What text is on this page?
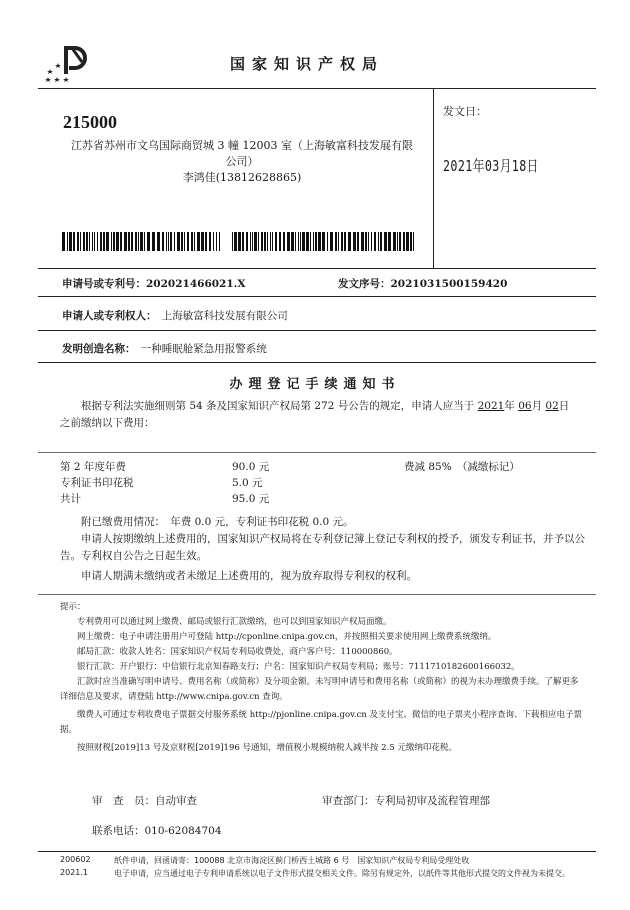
国家知识产权局
215000
江苏省苏州市文乌国际商贸城 3 幢 12003 室（上海敏富科技发展有限公司）
李鸿佳(13812628865)
发文日：
2021年03月18日
申请号或专利号：202021466021.X	发文序号：2021031500159420
申请人或专利权人：　 上海敏富科技发展有限公司
发明创造名称：　 一种睡眠舱紧急用报警系统
办理登记手续通知书
根据专利法实施细则第 54 条及国家知识产权局第 272 号公告的规定，申请人应当于 2021年 06月 02日
之前缴纳以下费用：
第 2 年度年费	90.0 元	费减 85%　（减缴标记）
专利证书印花税	5.0 元
共计	95.0 元
附已缴费用情况：　年费 0.0 元，专利证书印花税 0.0 元。
申请人按期缴纳上述费用的，国家知识产权局将在专利登记簿上登记专利权的授予，颁发专利证书，并予以公告。专利权自公告之日起生效。
申请人期满未缴纳或者未缴足上述费用的，视为放弃取得专利权的权利。
提示：
专利费用可以通过网上缴费、邮局或银行汇款缴纳，也可以到国家知识产权局面缴。
网上缴费：电子申请注册用户可登陆 http://cponline.cnipa.gov.cn，并按照相关要求使用网上缴费系统缴纳。
邮局汇款：收款人姓名：国家知识产权局专利局收费处，商户客户号：110000860。
银行汇款：开户银行：中信银行北京知春路支行；户名：国家知识产权局专利局；账号：7111710182600166032。
汇款时应当准确写明申请号、费用名称（或简称）及分项金额。未写明申请号和费用名称（或简称）的视为未办理缴费手续。了解更多详细信息及要求，请登陆 http://www.cnipa.gov.cn 查询。
缴费人可通过专利收费电子票据交付服务系统 http://pjonline.cnipa.gov.cn 及支付宝、微信的电子票夹小程序查询、下载相应电子票据。
按照财税[2019]13 号及京财税[2019]196 号通知，增值税小规模纳税人减半按 2.5 元缴纳印花税。
审　查　员：自动审查	审查部门：专利局初审及流程管理部
联系电话：010-62084704
200602
2021.1
纸件申请，回函请寄：100088 北京市海淀区蓟门桥西土城路 6 号　国家知识产权局专利局受理处收
电子申请，应当通过电子专利申请系统以电子文件形式提交相关文件。除另有规定外，以纸件等其他形式提交的文件视为未提交。
